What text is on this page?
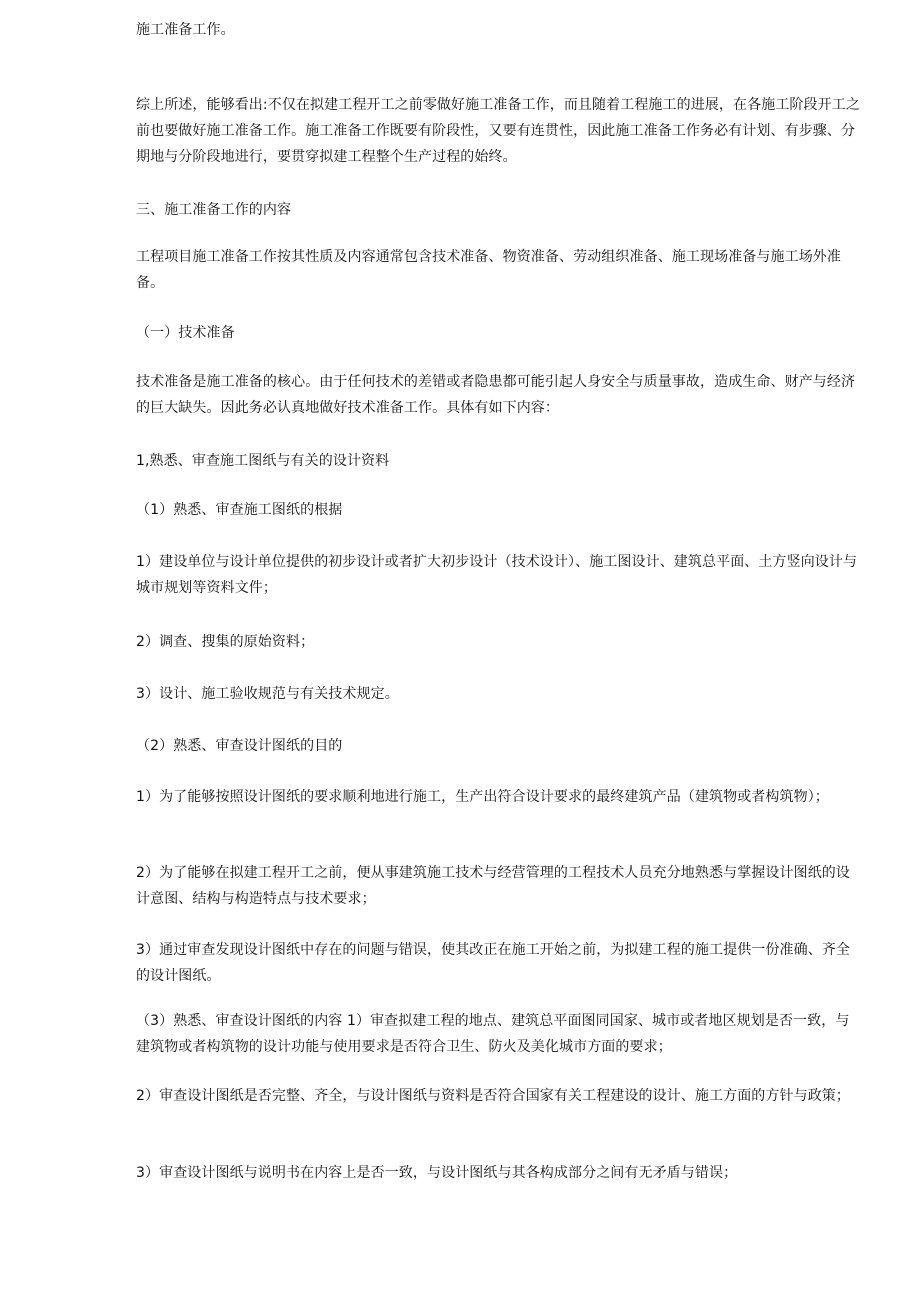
施工准备工作。

综上所述，能够看出:不仅在拟建工程开工之前零做好施工准备工作，而且随着工程施工的进展，在各施工阶段开工之前也要做好施工准备工作。施工准备工作既要有阶段性，又要有连贯性，因此施工准备工作务必有计划、有步骤、分期地与分阶段地进行，要贯穿拟建工程整个生产过程的始终。

三、施工准备工作的内容

工程项目施工准备工作按其性质及内容通常包含技术准备、物资准备、劳动组织准备、施工现场准备与施工场外准备。

（一）技术准备

技术准备是施工准备的核心。由于任何技术的差错或者隐患都可能引起人身安全与质量事故，造成生命、财产与经济的巨大缺失。因此务必认真地做好技术准备工作。具体有如下内容：

1,熟悉、审查施工图纸与有关的设计资料

（1）熟悉、审查施工图纸的根据

1）建设单位与设计单位提供的初步设计或者扩大初步设计（技术设计）、施工图设计、建筑总平面、土方竖向设计与城市规划等资料文件；

2）调查、搜集的原始资料；

3）设计、施工验收规范与有关技术规定。

（2）熟悉、审查设计图纸的目的

1）为了能够按照设计图纸的要求顺利地进行施工，生产出符合设计要求的最终建筑产品（建筑物或者构筑物）；

2）为了能够在拟建工程开工之前，便从事建筑施工技术与经营管理的工程技术人员充分地熟悉与掌握设计图纸的设计意图、结构与构造特点与技术要求；

3）通过审查发现设计图纸中存在的问题与错误，使其改正在施工开始之前，为拟建工程的施工提供一份准确、齐全的设计图纸。

（3）熟悉、审查设计图纸的内容 1）审查拟建工程的地点、建筑总平面图同国家、城市或者地区规划是否一致，与建筑物或者构筑物的设计功能与使用要求是否符合卫生、防火及美化城市方面的要求；

2）审查设计图纸是否完整、齐全，与设计图纸与资料是否符合国家有关工程建设的设计、施工方面的方针与政策；

3）审查设计图纸与说明书在内容上是否一致，与设计图纸与其各构成部分之间有无矛盾与错误；
